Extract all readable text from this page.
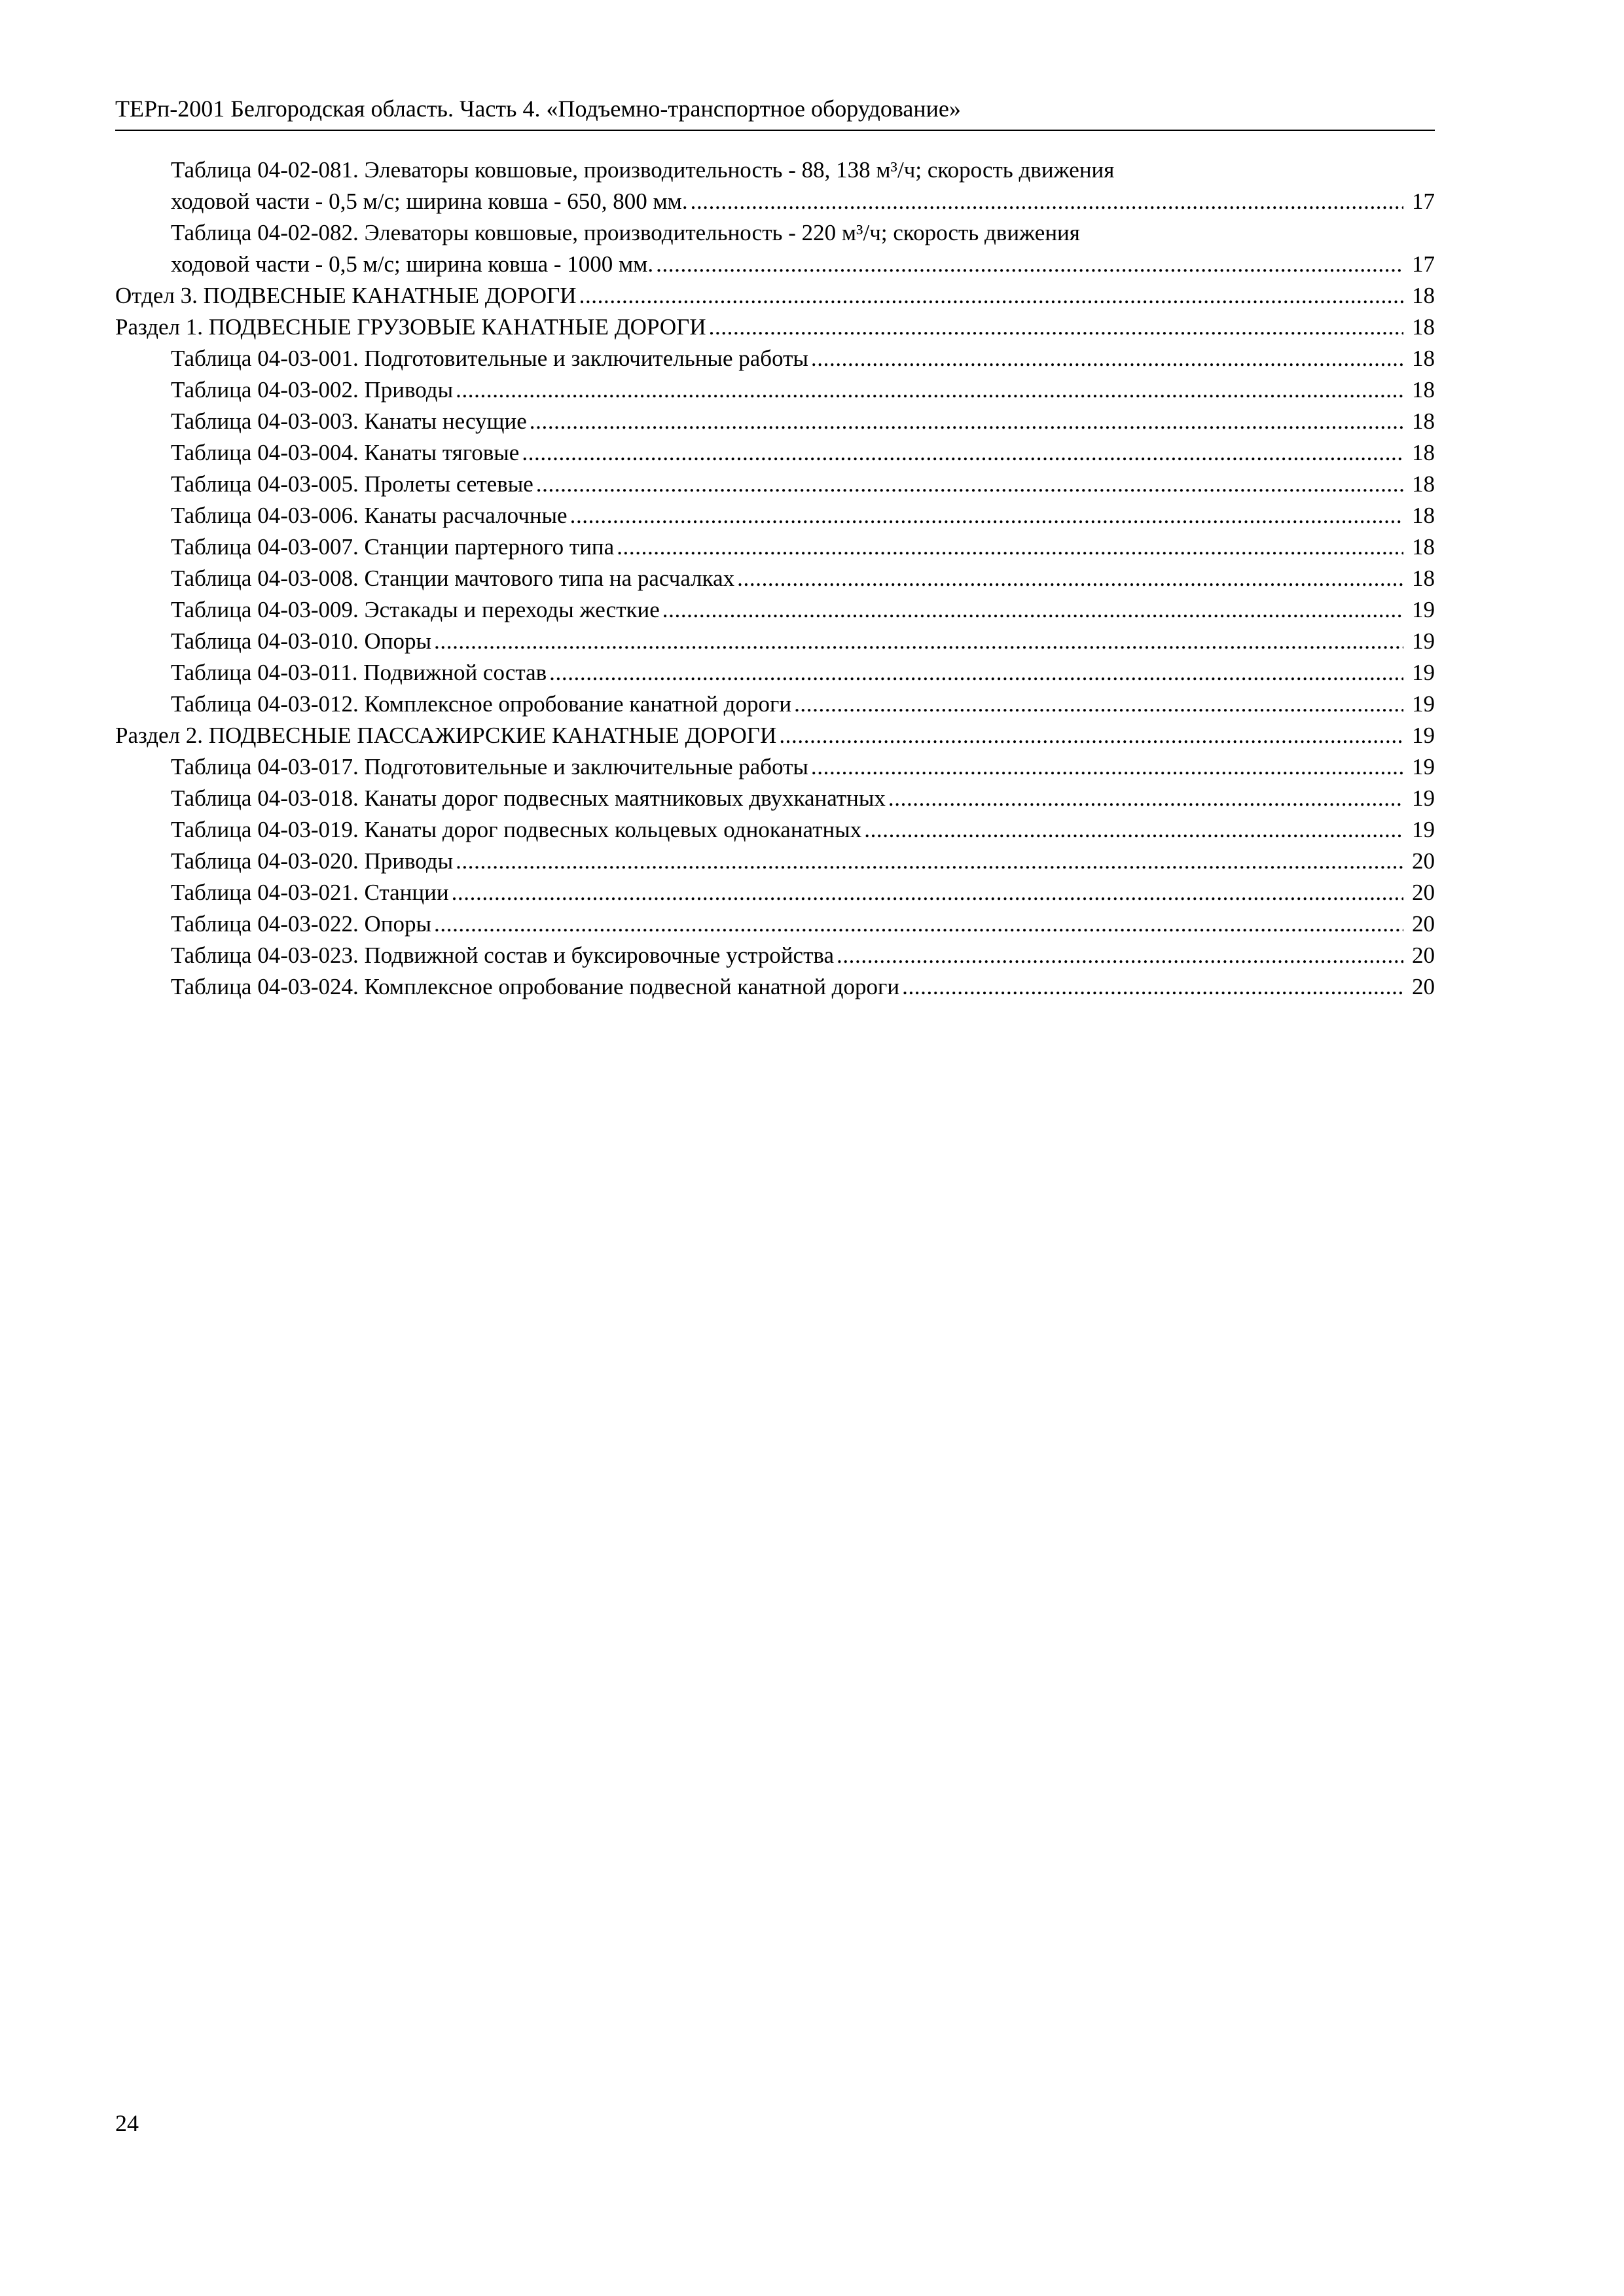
ТЕРп-2001 Белгородская область. Часть 4. «Подъемно-транспортное оборудование»
Таблица 04-02-081. Элеваторы ковшовые, производительность - 88, 138 м³/ч; скорость движения
ходовой части - 0,5 м/с; ширина ковша - 650, 800 мм. .....	17
Таблица 04-02-082. Элеваторы ковшовые, производительность - 220 м³/ч; скорость движения
ходовой части - 0,5 м/с; ширина ковша - 1000 мм. .....	17
Отдел 3. ПОДВЕСНЫЕ КАНАТНЫЕ ДОРОГИ .....	18
Раздел 1. ПОДВЕСНЫЕ ГРУЗОВЫЕ КАНАТНЫЕ ДОРОГИ .....	18
Таблица 04-03-001. Подготовительные и заключительные работы .....	18
Таблица 04-03-002. Приводы .....	18
Таблица 04-03-003. Канаты несущие .....	18
Таблица 04-03-004. Канаты тяговые .....	18
Таблица 04-03-005. Пролеты сетевые .....	18
Таблица 04-03-006. Канаты расчалочные .....	18
Таблица 04-03-007. Станции партерного типа .....	18
Таблица 04-03-008. Станции мачтового типа на расчалках .....	18
Таблица 04-03-009. Эстакады и переходы жесткие .....	19
Таблица 04-03-010. Опоры .....	19
Таблица 04-03-011. Подвижной состав .....	19
Таблица 04-03-012. Комплексное опробование канатной дороги .....	19
Раздел 2. ПОДВЕСНЫЕ ПАССАЖИРСКИЕ КАНАТНЫЕ ДОРОГИ .....	19
Таблица 04-03-017. Подготовительные и заключительные работы .....	19
Таблица 04-03-018. Канаты дорог подвесных маятниковых двухканатных .....	19
Таблица 04-03-019. Канаты дорог подвесных кольцевых одноканатных .....	19
Таблица 04-03-020. Приводы .....	20
Таблица 04-03-021. Станции .....	20
Таблица 04-03-022. Опоры .....	20
Таблица 04-03-023. Подвижной состав и буксировочные устройства .....	20
Таблица 04-03-024. Комплексное опробование подвесной канатной дороги .....	20
24
